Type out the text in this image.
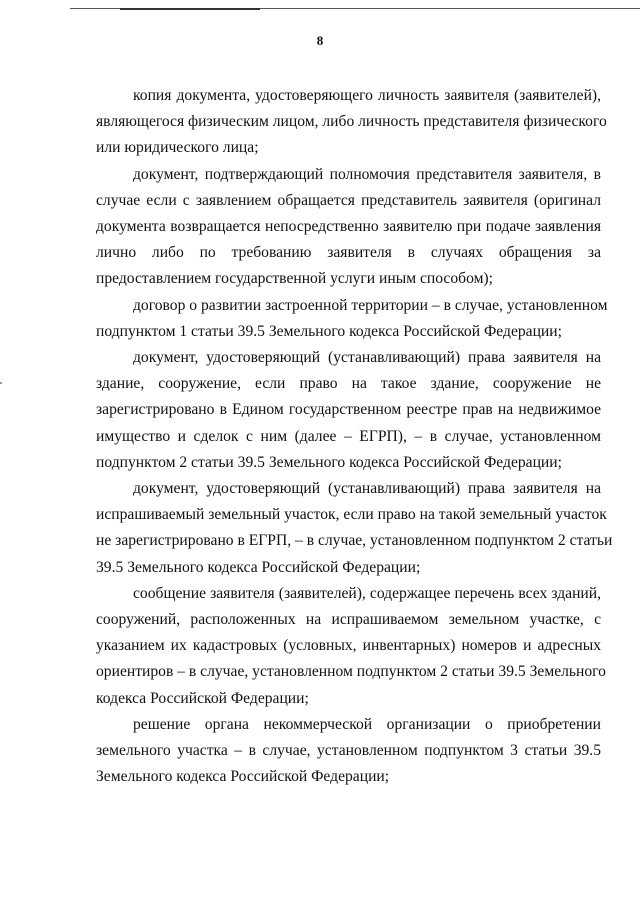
8
копия документа, удостоверяющего личность заявителя (заявителей),
являющегося физическим лицом, либо личность представителя физического
или юридического лица;
документ, подтверждающий полномочия представителя заявителя, в
случае если с заявлением обращается представитель заявителя (оригинал
документа возвращается непосредственно заявителю при подаче заявления
лично либо по требованию заявителя в случаях обращения за
предоставлением государственной услуги иным способом);
договор о развитии застроенной территории – в случае, установленном
подпунктом 1 статьи 39.5 Земельного кодекса Российской Федерации;
документ, удостоверяющий (устанавливающий) права заявителя на
здание, сооружение, если право на такое здание, сооружение не
зарегистрировано в Едином государственном реестре прав на недвижимое
имущество и сделок с ним (далее – ЕГРП), – в случае, установленном
подпунктом 2 статьи 39.5 Земельного кодекса Российской Федерации;
документ, удостоверяющий (устанавливающий) права заявителя на
испрашиваемый земельный участок, если право на такой земельный участок
не зарегистрировано в ЕГРП, – в случае, установленном подпунктом 2 статьи
39.5 Земельного кодекса Российской Федерации;
сообщение заявителя (заявителей), содержащее перечень всех зданий,
сооружений, расположенных на испрашиваемом земельном участке, с
указанием их кадастровых (условных, инвентарных) номеров и адресных
ориентиров – в случае, установленном подпунктом 2 статьи 39.5 Земельного
кодекса Российской Федерации;
решение органа некоммерческой организации о приобретении
земельного участка – в случае, установленном подпунктом 3 статьи 39.5
Земельного кодекса Российской Федерации;
